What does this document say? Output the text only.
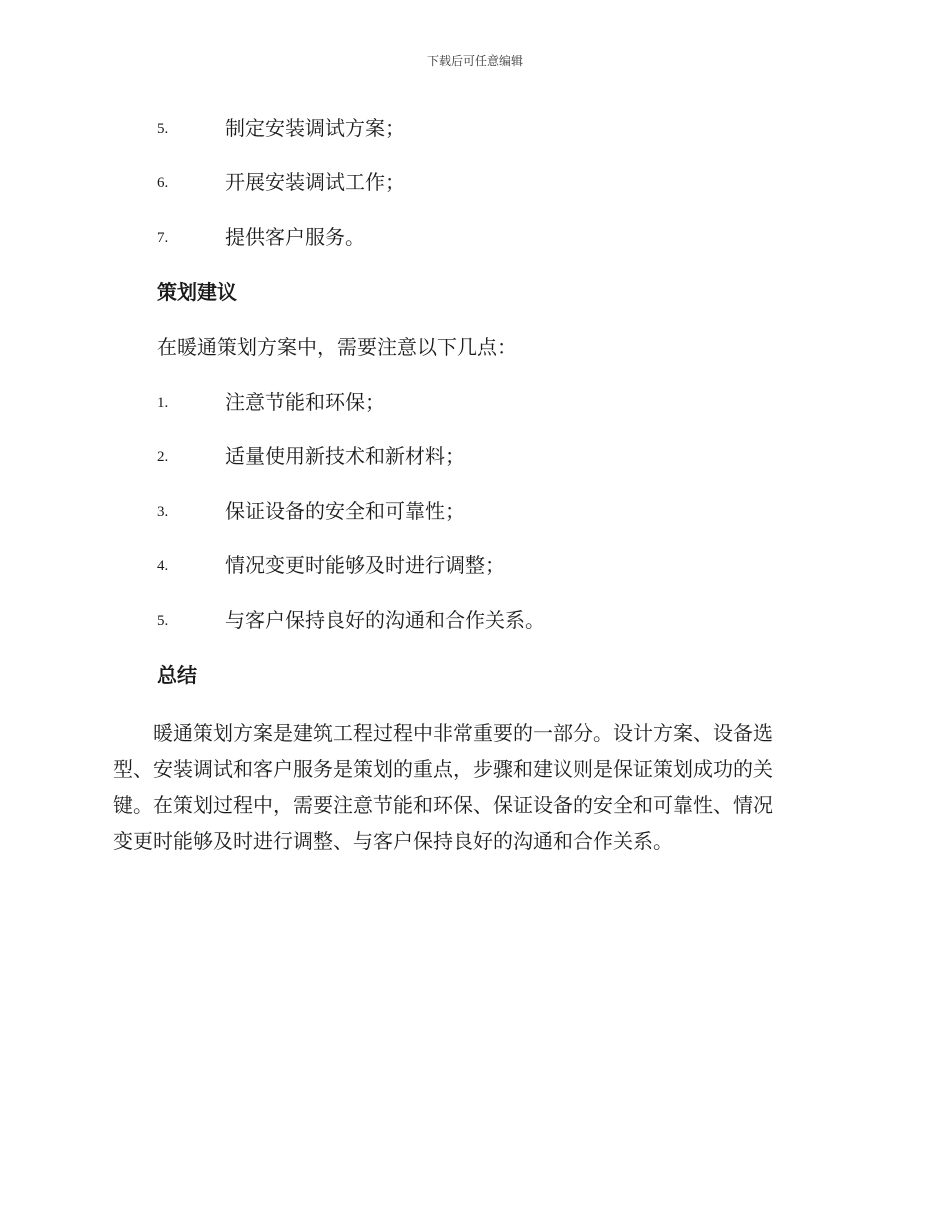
下载后可任意编辑
5.	制定安装调试方案；
6.	开展安装调试工作；
7.	提供客户服务。
策划建议
在暖通策划方案中，需要注意以下几点：
1.	注意节能和环保；
2.	适量使用新技术和新材料；
3.	保证设备的安全和可靠性；
4.	情况变更时能够及时进行调整；
5.	与客户保持良好的沟通和合作关系。
总结
　　暖通策划方案是建筑工程过程中非常重要的一部分。设计方案、设备选
型、安装调试和客户服务是策划的重点，步骤和建议则是保证策划成功的关
键。在策划过程中，需要注意节能和环保、保证设备的安全和可靠性、情况
变更时能够及时进行调整、与客户保持良好的沟通和合作关系。
